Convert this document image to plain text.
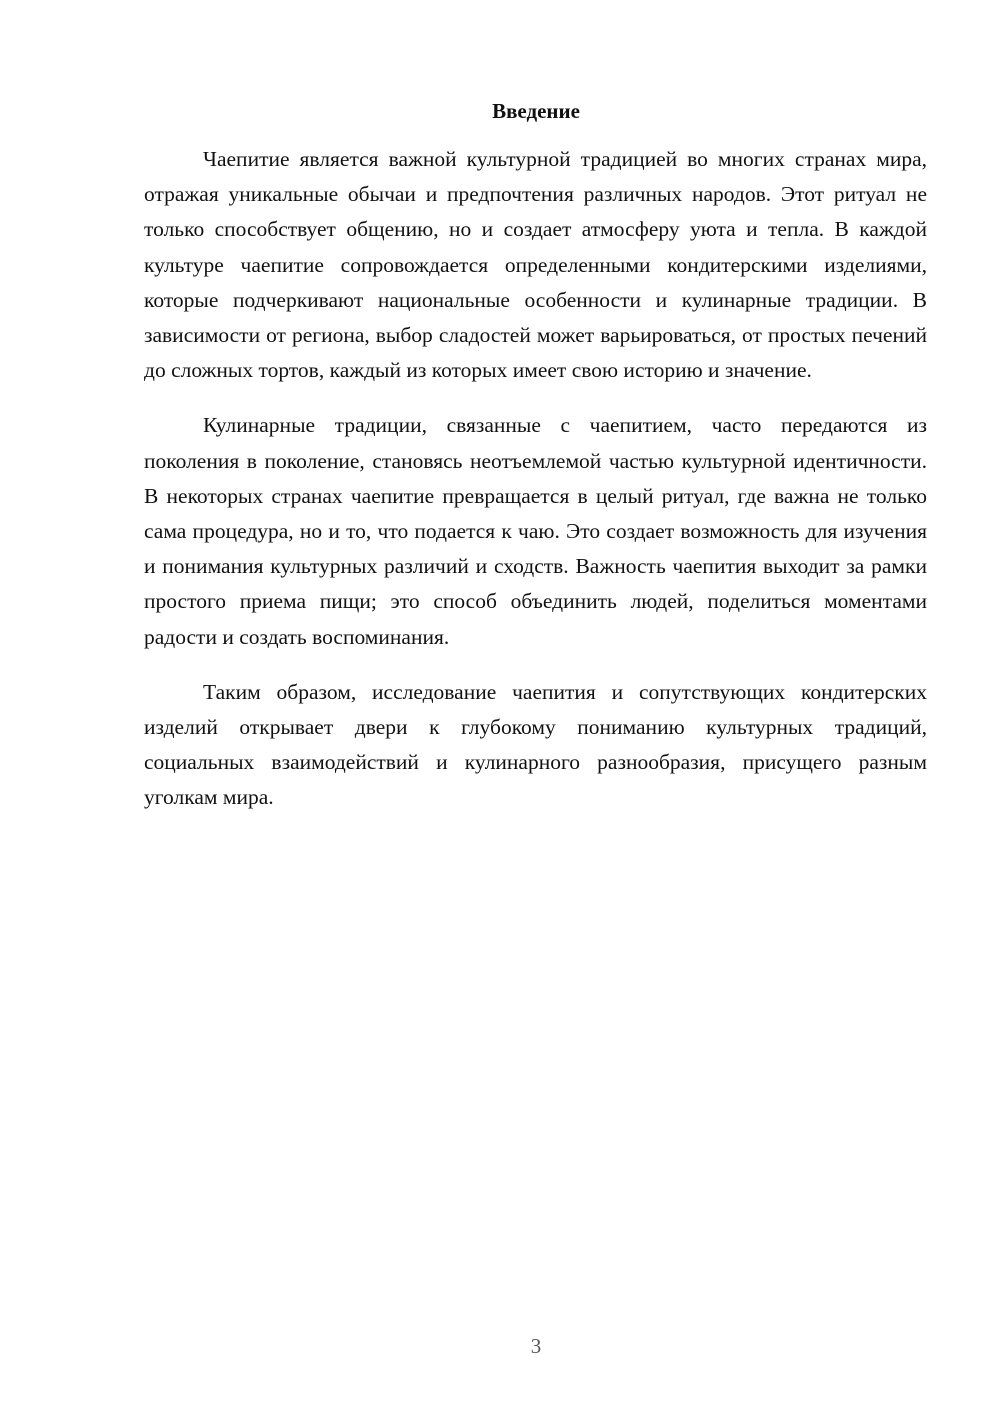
Введение

Чаепитие является важной культурной традицией во многих странах мира, отражая уникальные обычаи и предпочтения различных народов. Этот ритуал не только способствует общению, но и создает атмосферу уюта и тепла. В каждой культуре чаепитие сопровождается определенными кондитерскими изделиями, которые подчеркивают национальные особенности и кулинарные традиции. В зависимости от региона, выбор сладостей может варьироваться, от простых печений до сложных тортов, каждый из которых имеет свою историю и значение.

Кулинарные традиции, связанные с чаепитием, часто передаются из поколения в поколение, становясь неотъемлемой частью культурной идентичности. В некоторых странах чаепитие превращается в целый ритуал, где важна не только сама процедура, но и то, что подается к чаю. Это создает возможность для изучения и понимания культурных различий и сходств. Важность чаепития выходит за рамки простого приема пищи; это способ объединить людей, поделиться моментами радости и создать воспоминания.

Таким образом, исследование чаепития и сопутствующих кондитерских изделий открывает двери к глубокому пониманию культурных традиций, социальных взаимодействий и кулинарного разнообразия, присущего разным уголкам мира.

3
